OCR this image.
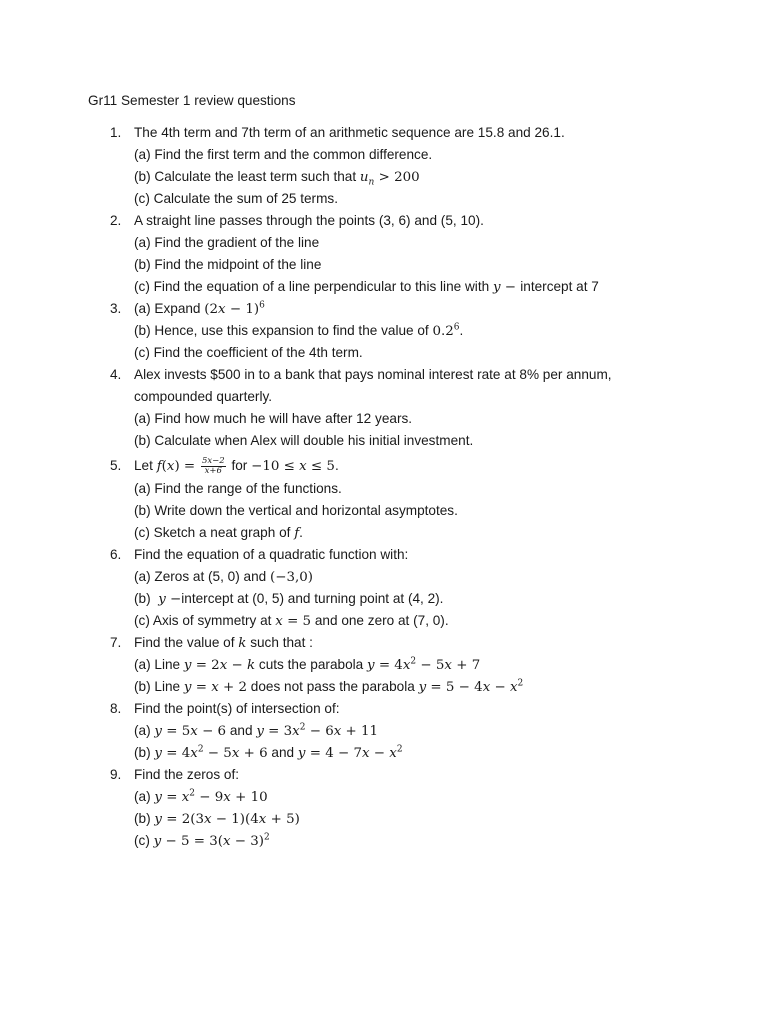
Gr11 Semester 1 review questions
1. The 4th term and 7th term of an arithmetic sequence are 15.8 and 26.1.
(a) Find the first term and the common difference.
(b) Calculate the least term such that $u_n > 200$
(c) Calculate the sum of 25 terms.
2. A straight line passes through the points (3, 6) and (5, 10).
(a) Find the gradient of the line
(b) Find the midpoint of the line
(c) Find the equation of a line perpendicular to this line with y − intercept at 7
3. (a) Expand $(2x - 1)^6$
(b) Hence, use this expansion to find the value of $0.2^6$.
(c) Find the coefficient of the 4th term.
4. Alex invests $500 in to a bank that pays nominal interest rate at 8% per annum,
compounded quarterly.
(a) Find how much he will have after 12 years.
(b) Calculate when Alex will double his initial investment.
5. Let $f(x) = \frac{5x-2}{x+6}$ for −10 ≤ x ≤ 5.
(a) Find the range of the functions.
(b) Write down the vertical and horizontal asymptotes.
(c) Sketch a neat graph of f.
6. Find the equation of a quadratic function with:
(a) Zeros at (5, 0) and (−3,0)
(b) y −intercept at (0, 5) and turning point at (4, 2).
(c) Axis of symmetry at x = 5 and one zero at (7, 0).
7. Find the value of k such that :
(a) Line y = 2x − k cuts the parabola $y = 4x^2 - 5x + 7$
(b) Line y = x + 2 does not pass the parabola $y = 5 - 4x - x^2$
8. Find the point(s) of intersection of:
(a) y = 5x − 6 and $y = 3x^2 - 6x + 11$
(b) $y = 4x^2 - 5x + 6$ and $y = 4 - 7x - x^2$
9. Find the zeros of:
(a) $y = x^2 - 9x + 10$
(b) y = 2(3x − 1)(4x + 5)
(c) $y - 5 = 3(x - 3)^2$
